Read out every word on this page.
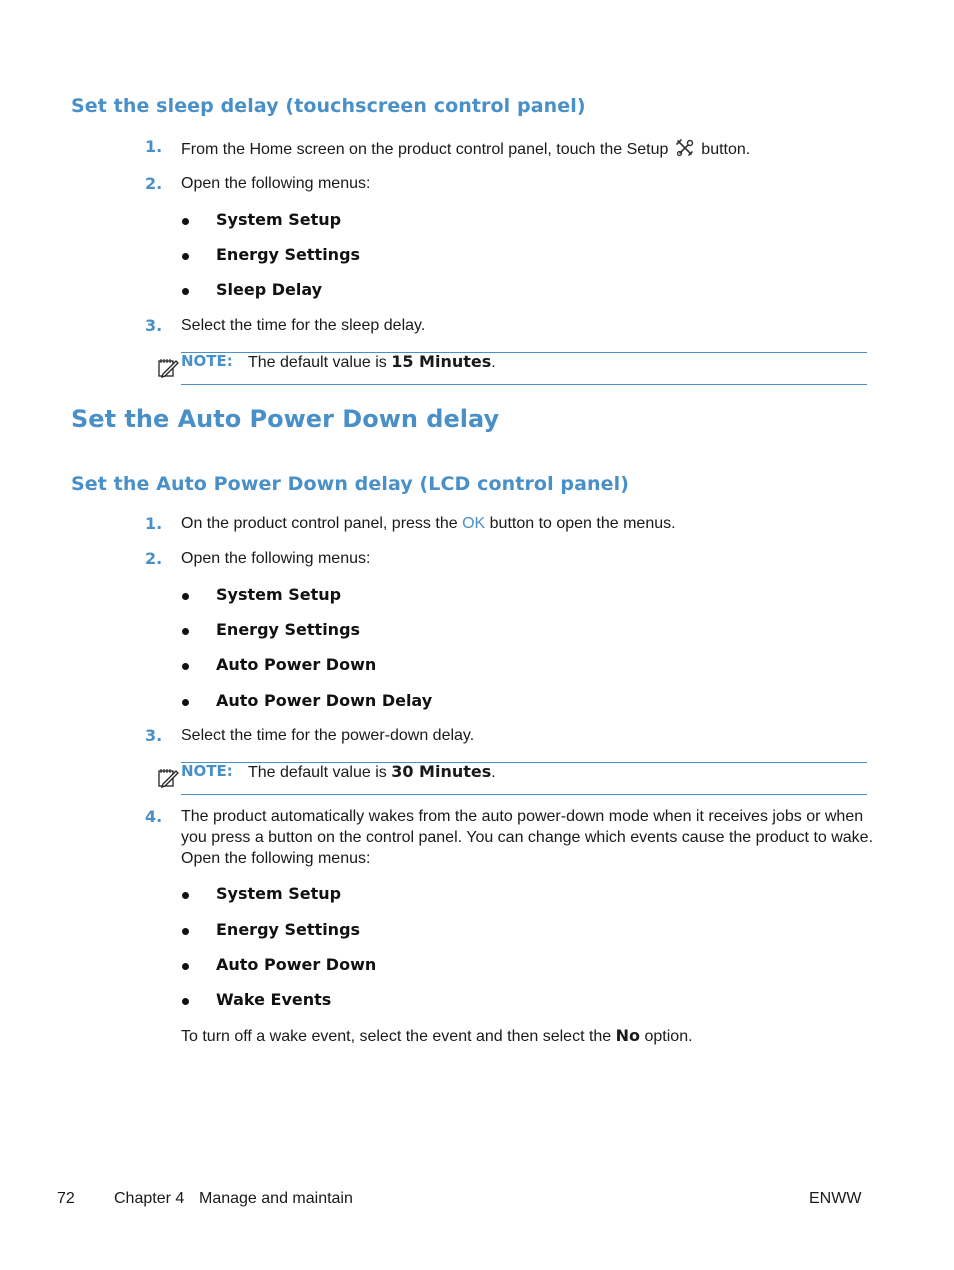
Set the sleep delay (touchscreen control panel)
1. From the Home screen on the product control panel, touch the Setup button.
2. Open the following menus:
System Setup
Energy Settings
Sleep Delay
3. Select the time for the sleep delay.
NOTE: The default value is 15 Minutes.
Set the Auto Power Down delay
Set the Auto Power Down delay (LCD control panel)
1. On the product control panel, press the OK button to open the menus.
2. Open the following menus:
System Setup
Energy Settings
Auto Power Down
Auto Power Down Delay
3. Select the time for the power-down delay.
NOTE: The default value is 30 Minutes.
4. The product automatically wakes from the auto power-down mode when it receives jobs or when
you press a button on the control panel. You can change which events cause the product to wake.
Open the following menus:
System Setup
Energy Settings
Auto Power Down
Wake Events
To turn off a wake event, select the event and then select the No option.
72 Chapter 4 Manage and maintain	ENWW
